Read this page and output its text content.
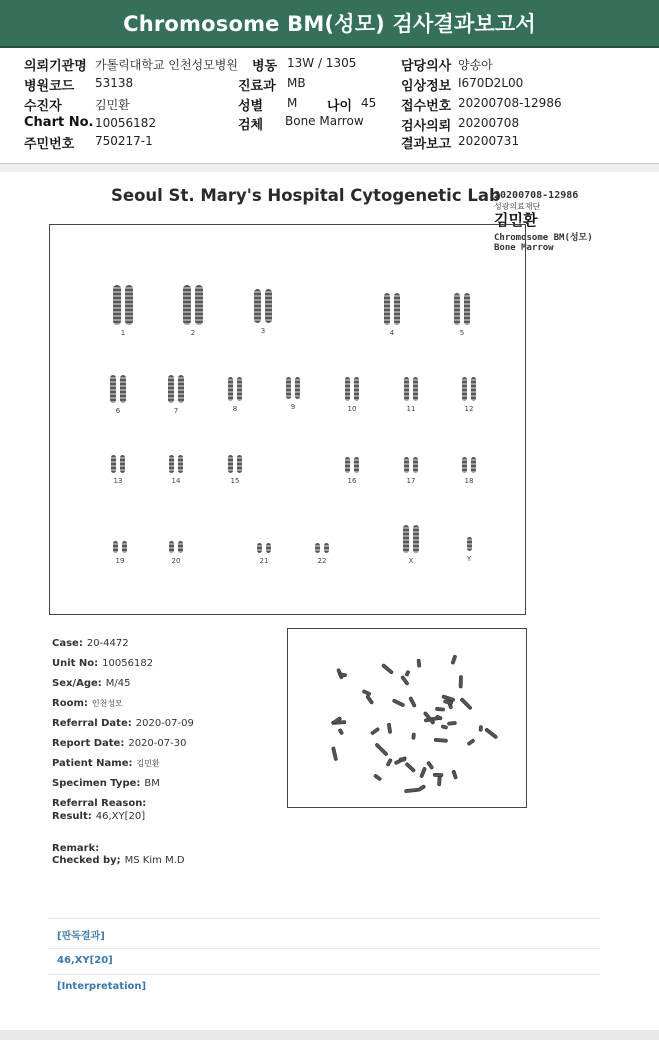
Chromosome BM(성모) 검사결과보고서
의뢰기관명 가톨릭대학교 인천성모병원 병동 13W / 1305	담당의사 양송아
병원코드 53138	진료과 MB	임상정보 I670D2L00
수진자	김민환	성별 M 나이 45 접수번호 20200708-12986
Chart No. 10056182	검체 Bone Marrow	검사의뢰 20200708
주민번호 750217-1	결과보고 20200731
Seoul St. Mary's Hospital Cytogenetic Lab
20200708-12986
성광의료재단
김민환
Chromosome BM(성모)
Bone Marrow
1	2	3	4	5
6	7	8	9	10	11	12
13	14	15	16	17	18
19	20	21	22	X	Y
Case: 20-4472
Unit No: 10056182
Sex/Age: M/45
Room: 인천성모
Referral Date: 2020-07-09
Report Date: 2020-07-30
Patient Name: 김민환
Specimen Type: BM
Referral Reason:
Result: 46,XY[20]
Remark:
Checked by; MS Kim M.D
[판독결과]
46,XY[20]
[Interpretation]
